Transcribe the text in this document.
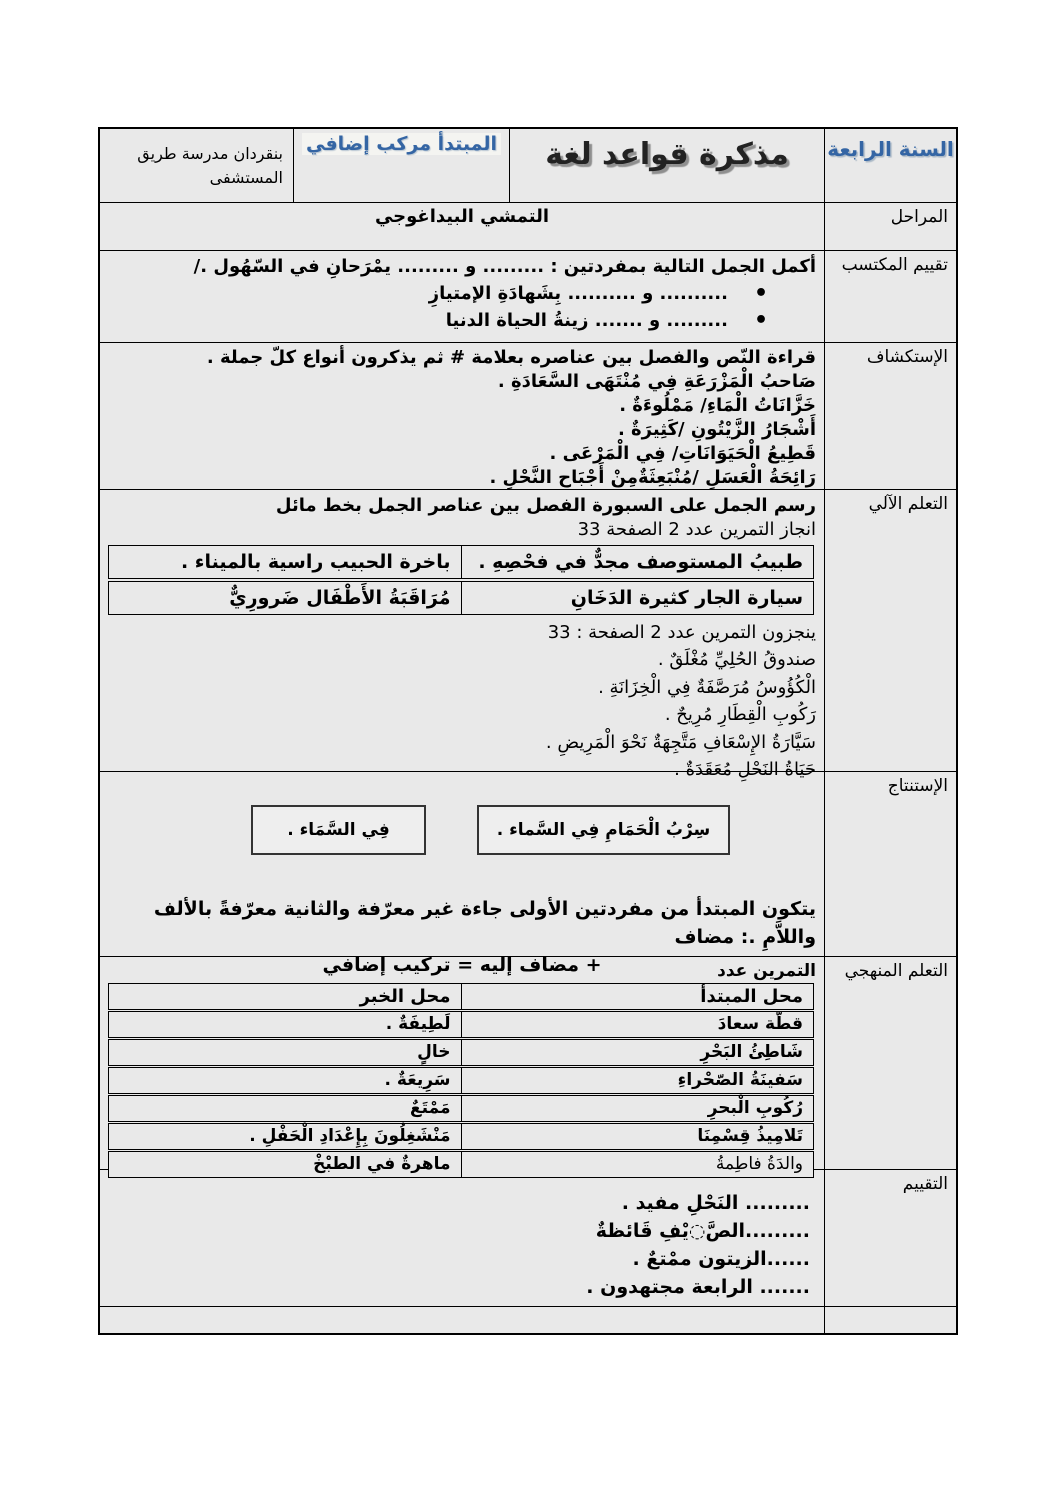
السنة الرابعة
مذكرة قواعد لغة
المبتدأ مركب إضافي
بنقردان مدرسة طريق المستشفى
المراحل
التمشي البيداغوجي
تقييم المكتسب
أكمل الجمل التالية بمفردتين : ......... و ......... يمْرَحانِ في السّهُول ./
• .......... و .......... بِشَهادَةِ الإمتيازِ
• ......... و ....... زينةُ الحياة الدنيا
الإستكشاف
قراءة النّص والفصل بين عناصره بعلامة # ثم يذكرون أنواع كلّ جملة .
صَاحبُ الْمَزْرَعَةِ فِي مُنْتَهَى السَّعَادَةِ .
خَزَّانَاتُ الْمَاءِ/ مَمْلُوءَةٌ .
أَشْجَارُ الزَّيْتُونِ /كَثِيرَةٌ .
قَطِيعُ الْحَيَوَانَاتِ/ فِي الْمَرْعَى .
رَائِحَةُ الْعَسَلِ /مُنْبَعِثَةٌمِنْ أَجْبَاح النَّحْلِ .
التعلم الآلي
رسم الجمل على السبورة الفصل بين عناصر الجمل بخط مائل
انجاز التمرين عدد 2 الصفحة 33
طبيبُ المستوصف مجدٌّ في فحْصِهِ .
باخرة الحبيب راسية بالميناء .
سيارة الجار كثيرة الدَخَانِ
مُرَاقَبَةُ الأَطْفَال ضَرورِيٌّ
ينجزون التمرين عدد 2 الصفحة : 33
صندوقُ الحُلِيِّ مُغْلَقٌ .
الْكُؤُوسُ مُرَصَّفَةٌ فِي الْخِزَانَةِ .
رَكُوبِ الْقِطَارِ مُرِيحٌ .
سَيَّارَةُ الإِسْعَافِ مَتَّجِهَةٌ نَحْوَ الْمَرِيضِ .
حَيَاةُ النَحْلِ مُعَقَدَةٌ .
الإستنتاج
سِرْبُ الْحَمَامِ فِي السَّماء .
فِي السَّمَاء .
يتكون المبتدأ من مفردتين الأولى جاءة غير معرّفة والثانية معرّفةً بالألف واللاَّمِ .: مضاف
+ مضاف إليه = تركيب إضافي	التعلم المنهجي
التمرين عدد
محل المبتدأ
محل الخبر
قطّة سعادَ
لَطِيفَةٌ .
شَاطِئُ البَحْرِ
خالٍ
سَفينَةُ الصّحْراءِ
سَرِيعَةٌ .
رُكُوبِ الْبحرِ
مَمْتَعٌ
تَلامِيذُ قِسْمِنَا
مَنْشَغِلُونَ بِإِعْدَادِ الْحَفْلِ .
والدَةُ فاطِمةُ
ماهرةٌ في الطبْخْ
التقييم
......... النَحْلِ مفيد .
.........الصَّ◌يْفِ قَائظةٌ
......الزيتون ممْتعٌ .
....... الرابعة مجتهدون .
